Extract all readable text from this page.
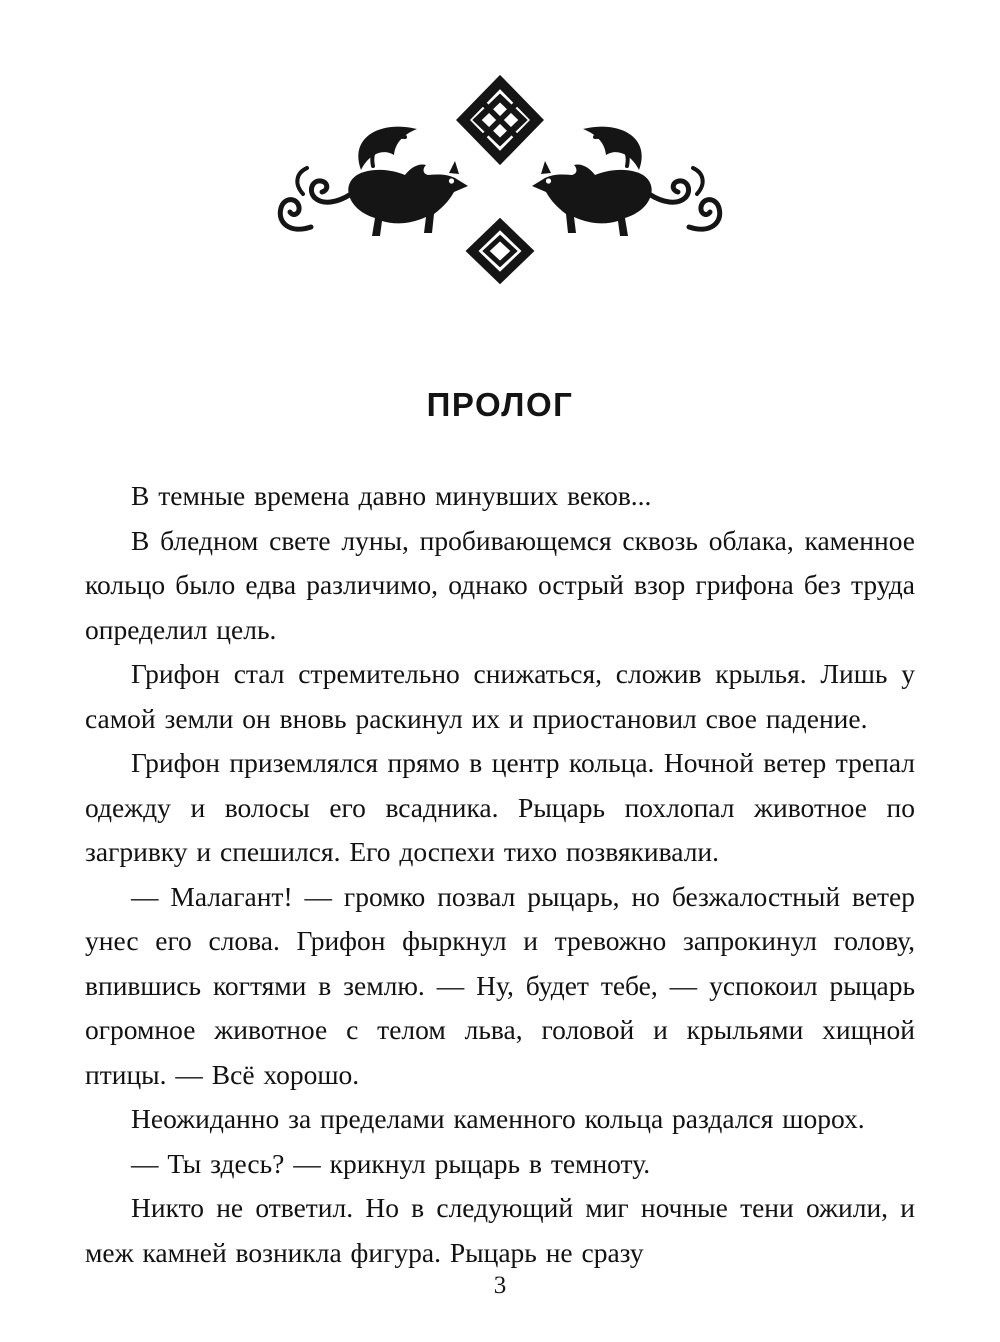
ПРОЛОГ

В темные времена давно минувших веков...

В бледном свете луны, пробивающемся сквозь облака, каменное кольцо было едва различимо, однако острый взор грифона без труда определил цель.

Грифон стал стремительно снижаться, сложив крылья. Лишь у самой земли он вновь раскинул их и приостановил свое падение.

Грифон приземлялся прямо в центр кольца. Ночной ветер трепал одежду и волосы его всадника. Рыцарь похлопал животное по загривку и спешился. Его доспехи тихо позвякивали.

— Малагант! — громко позвал рыцарь, но безжалостный ветер унес его слова. Грифон фыркнул и тревожно запрокинул голову, впившись когтями в землю. — Ну, будет тебе, — успокоил рыцарь огромное животное с телом льва, головой и крыльями хищной птицы. — Всё хорошо.

Неожиданно за пределами каменного кольца раздался шорох.

— Ты здесь? — крикнул рыцарь в темноту.

Никто не ответил. Но в следующий миг ночные тени ожили, и меж камней возникла фигура. Рыцарь не сразу

3
